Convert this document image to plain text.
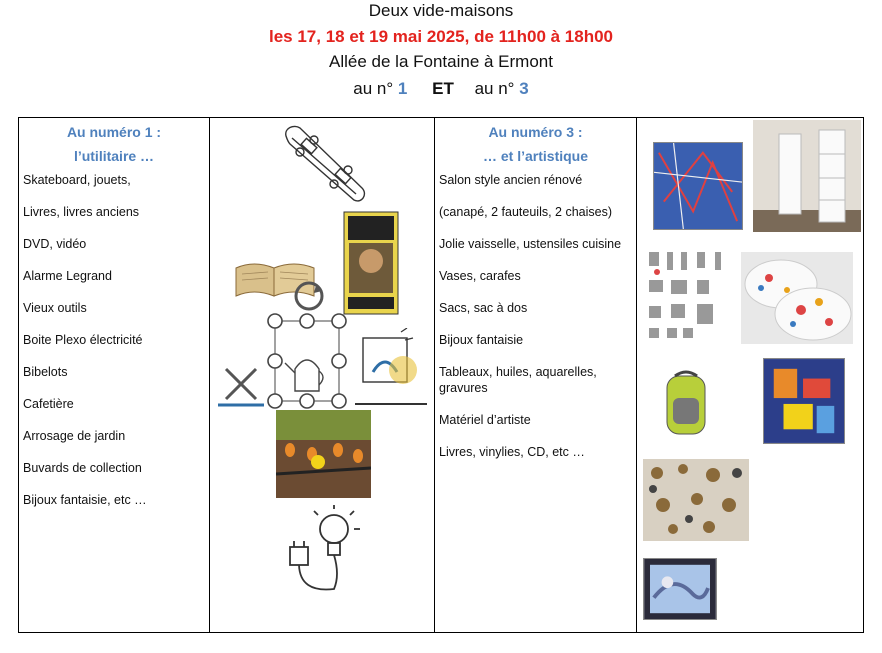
Deux vide-maisons
les 17, 18 et 19 mai 2025, de 11h00 à 18h00
Allée de la Fontaine à Ermont
au n° 1 ET au n° 3
Au numéro 1 :
l’utilitaire …
Skateboard, jouets,
Livres, livres anciens
DVD, vidéo
Alarme Legrand
Vieux outils
Boite Plexo électricité
Bibelots
Cafetière
Arrosage de jardin
Buvards de collection
Bijoux fantaisie, etc …
Au numéro 3 :
… et l’artistique
Salon style ancien rénové
(canapé, 2 fauteuils, 2 chaises)
Jolie vaisselle, ustensiles cuisine
Vases, carafes
Sacs, sac à dos
Bijoux fantaisie
Tableaux, huiles, aquarelles, gravures
Matériel d’artiste
Livres, vinylies, CD, etc …
